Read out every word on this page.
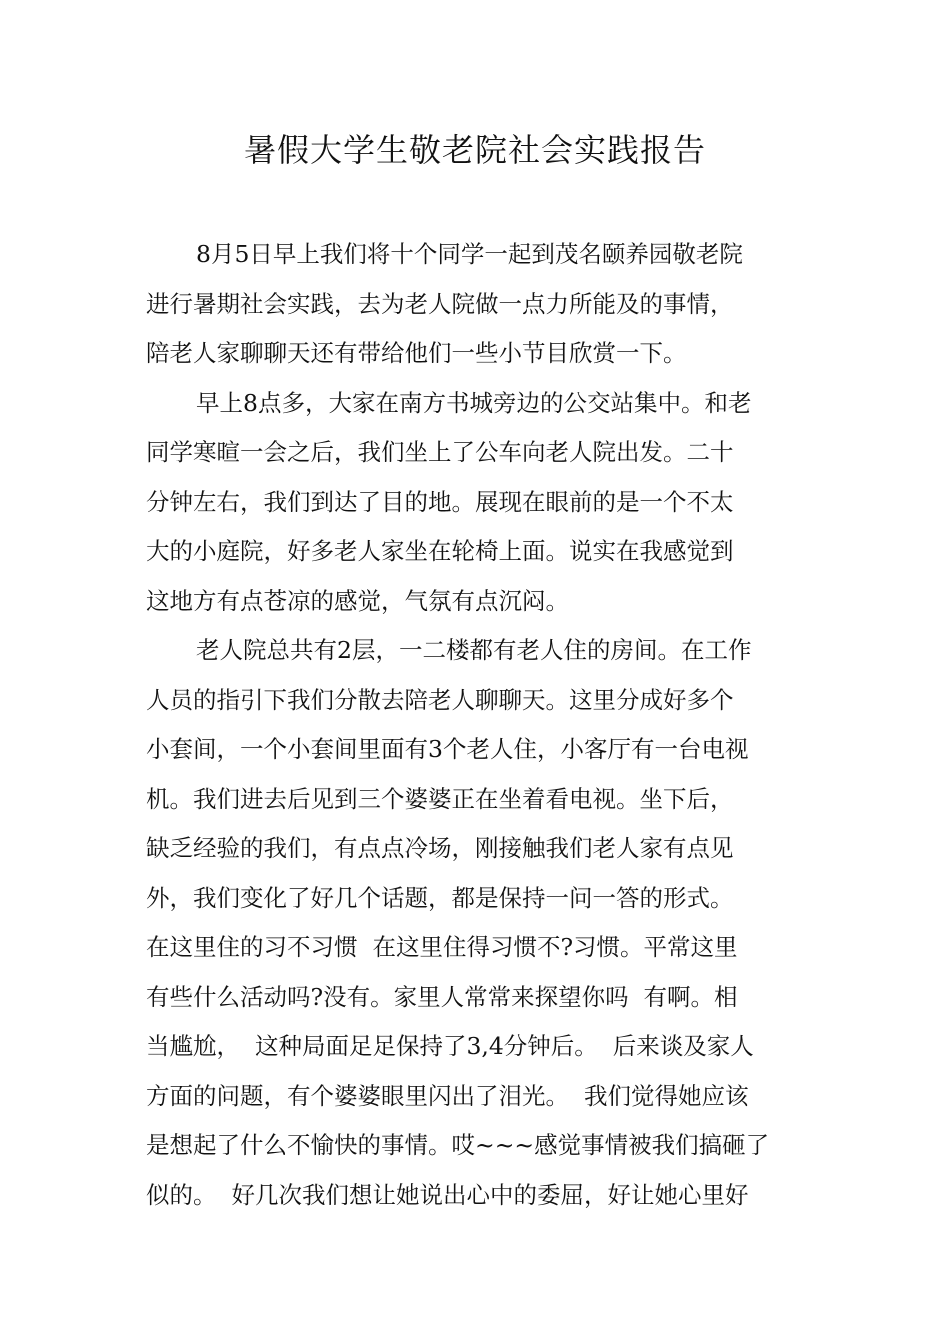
暑假大学生敬老院社会实践报告
8月5日早上我们将十个同学一起到茂名颐养园敬老院
进行暑期社会实践，去为老人院做一点力所能及的事情，
陪老人家聊聊天还有带给他们一些小节目欣赏一下。
早上8点多，大家在南方书城旁边的公交站集中。和老
同学寒暄一会之后，我们坐上了公车向老人院出发。二十
分钟左右，我们到达了目的地。展现在眼前的是一个不太
大的小庭院，好多老人家坐在轮椅上面。说实在我感觉到
这地方有点苍凉的感觉，气氛有点沉闷。
老人院总共有2层，一二楼都有老人住的房间。在工作
人员的指引下我们分散去陪老人聊聊天。这里分成好多个
小套间，一个小套间里面有3个老人住，小客厅有一台电视
机。我们进去后见到三个婆婆正在坐着看电视。坐下后，
缺乏经验的我们，有点点冷场，刚接触我们老人家有点见
外，我们变化了好几个话题，都是保持一问一答的形式。
在这里住的习不习惯  在这里住得习惯不?习惯。平常这里
有些什么活动吗?没有。家里人常常来探望你吗  有啊。相
当尴尬，  这种局面足足保持了3,4分钟后。  后来谈及家人
方面的问题，有个婆婆眼里闪出了泪光。  我们觉得她应该
是想起了什么不愉快的事情。哎~~~感觉事情被我们搞砸了
似的。  好几次我们想让她说出心中的委屈，好让她心里好
